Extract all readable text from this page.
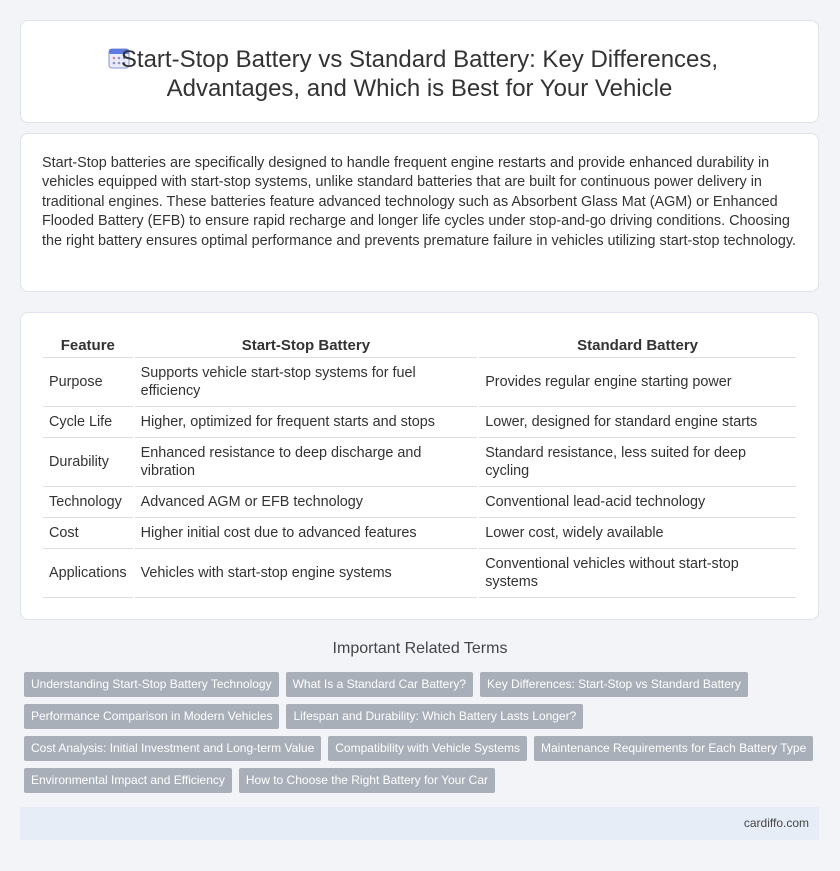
Start-Stop Battery vs Standard Battery: Key Differences,
Advantages, and Which is Best for Your Vehicle

Start-Stop batteries are specifically designed to handle frequent engine restarts and provide enhanced durability in vehicles equipped with start-stop systems, unlike standard batteries that are built for continuous power delivery in traditional engines. These batteries feature advanced technology such as Absorbent Glass Mat (AGM) or Enhanced Flooded Battery (EFB) to ensure rapid recharge and longer life cycles under stop-and-go driving conditions. Choosing the right battery ensures optimal performance and prevents premature failure in vehicles utilizing start-stop technology.

Feature	Start-Stop Battery	Standard Battery
Purpose	Supports vehicle start-stop systems for fuel efficiency	Provides regular engine starting power
Cycle Life	Higher, optimized for frequent starts and stops	Lower, designed for standard engine starts
Durability	Enhanced resistance to deep discharge and vibration	Standard resistance, less suited for deep cycling
Technology	Advanced AGM or EFB technology	Conventional lead-acid technology
Cost	Higher initial cost due to advanced features	Lower cost, widely available
Applications	Vehicles with start-stop engine systems	Conventional vehicles without start-stop systems
Important Related Terms
Understanding Start-Stop Battery Technology	What Is a Standard Car Battery?	Key Differences: Start-Stop vs Standard Battery
Performance Comparison in Modern Vehicles	Lifespan and Durability: Which Battery Lasts Longer?
Cost Analysis: Initial Investment and Long-term Value	Compatibility with Vehicle Systems	Maintenance Requirements for Each Battery Type
Environmental Impact and Efficiency	How to Choose the Right Battery for Your Car
cardiffo.com
